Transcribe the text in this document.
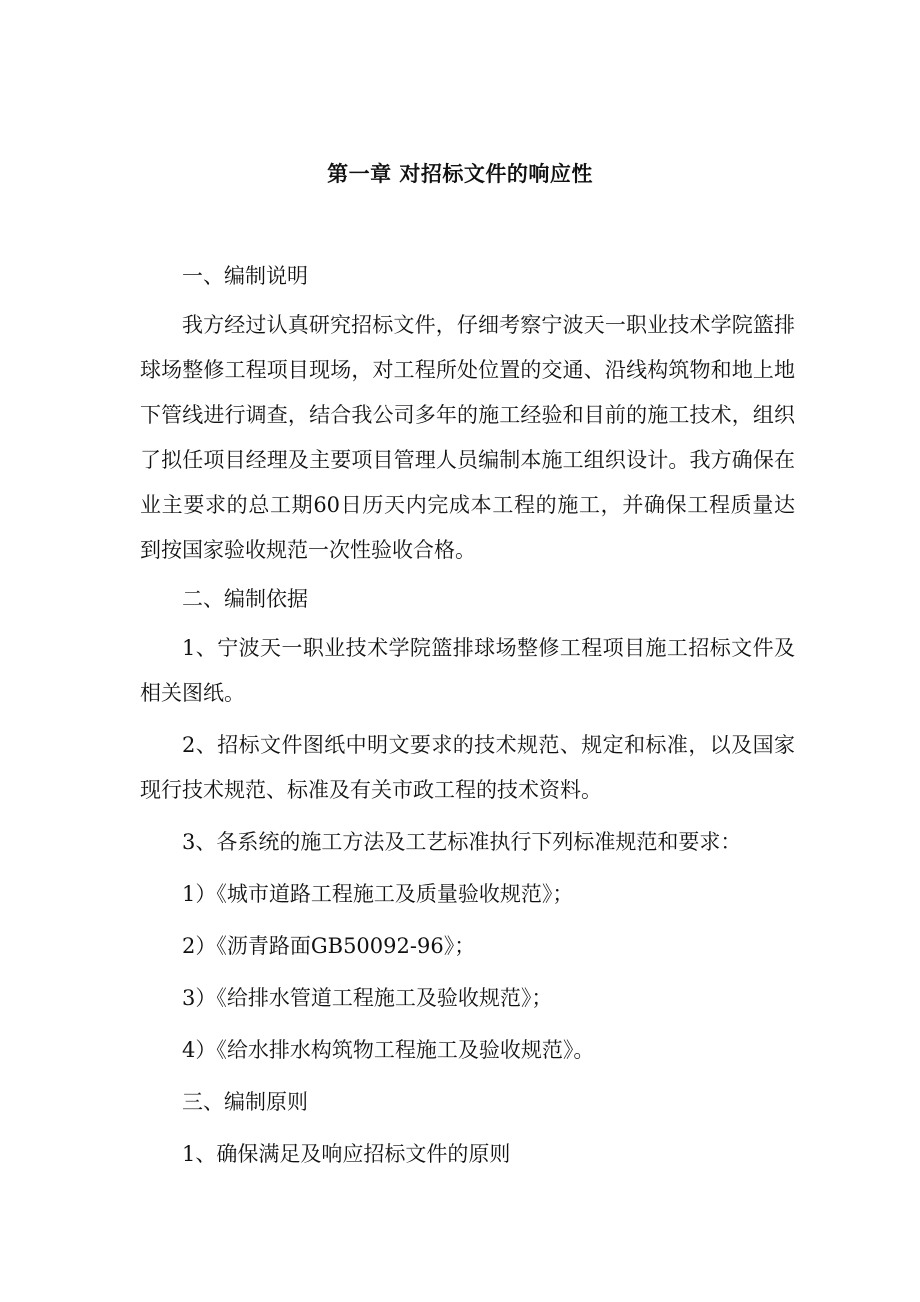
第一章 对招标文件的响应性

一、编制说明

我方经过认真研究招标文件，仔细考察宁波天一职业技术学院篮排球场整修工程项目现场，对工程所处位置的交通、沿线构筑物和地上地下管线进行调查，结合我公司多年的施工经验和目前的施工技术，组织了拟任项目经理及主要项目管理人员编制本施工组织设计。我方确保在业主要求的总工期60日历天内完成本工程的施工，并确保工程质量达到按国家验收规范一次性验收合格。

二、编制依据

1、宁波天一职业技术学院篮排球场整修工程项目施工招标文件及相关图纸。

2、招标文件图纸中明文要求的技术规范、规定和标准，以及国家现行技术规范、标准及有关市政工程的技术资料。

3、各系统的施工方法及工艺标准执行下列标准规范和要求：

1）《城市道路工程施工及质量验收规范》；

2）《沥青路面GB50092-96》；

3）《给排水管道工程施工及验收规范》；

4）《给水排水构筑物工程施工及验收规范》。

三、编制原则

1、确保满足及响应招标文件的原则
